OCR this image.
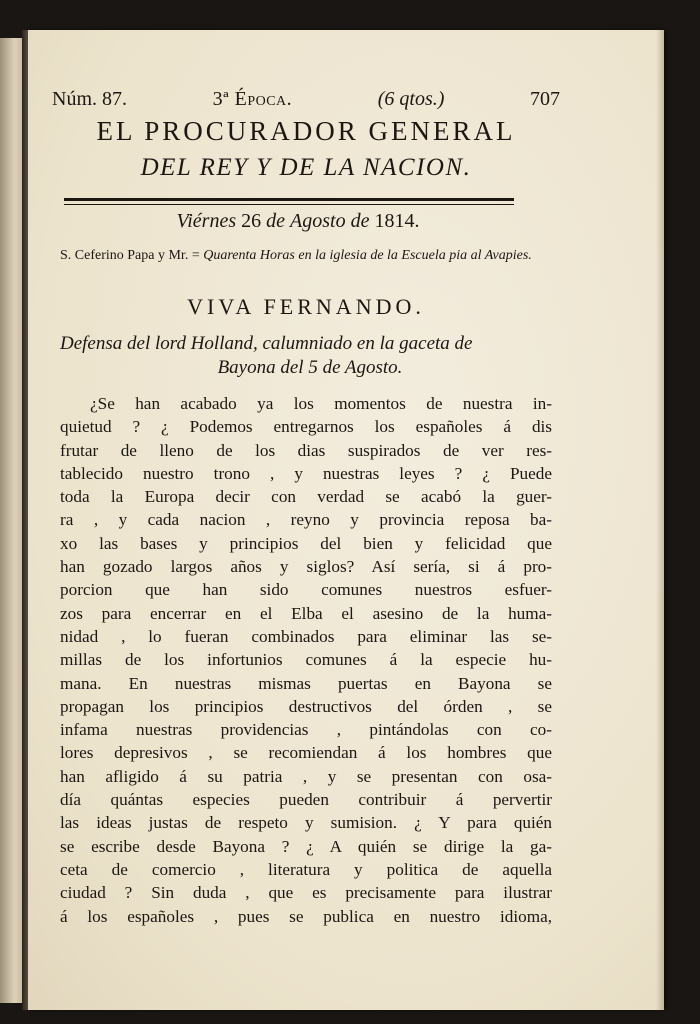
Núm. 87.	3ª Época.	(6 qtos.)	707
EL PROCURADOR GENERAL
DEL REY Y DE LA NACION.
Viérnes 26 de Agosto de 1814.
S. Ceferino Papa y Mr. = Quarenta Horas en la iglesia de la Escuela pia al Avapies.
VIVA FERNANDO.
Defensa del lord Holland, calumniado en la gaceta de
Bayona del 5 de Agosto.
¿Se han acabado ya los momentos de nuestra in-
quietud ? ¿ Podemos entregarnos los españoles á dis
frutar de lleno de los dias suspirados de ver res-
tablecido nuestro trono , y nuestras leyes ? ¿ Puede
toda la Europa decir con verdad se acabó la guer-
ra , y cada nacion , reyno y provincia reposa ba-
xo las bases y principios del bien y felicidad que
han gozado largos años y siglos? Así sería, si á pro-
porcion que han sido comunes nuestros esfuer-
zos para encerrar en el Elba el asesino de la huma-
nidad , lo fueran combinados para eliminar las se-
millas de los infortunios comunes á la especie hu-
mana. En nuestras mismas puertas en Bayona se
propagan los principios destructivos del órden , se
infama nuestras providencias , pintándolas con co-
lores depresivos , se recomiendan á los hombres que
han afligido á su patria , y se presentan con osa-
día quántas especies pueden contribuir á pervertir
las ideas justas de respeto y sumision. ¿ Y para quién
se escribe desde Bayona ? ¿ A quién se dirige la ga-
ceta de comercio , literatura y politica de aquella
ciudad ? Sin duda , que es precisamente para ilustrar
á los españoles , pues se publica en nuestro idioma,
